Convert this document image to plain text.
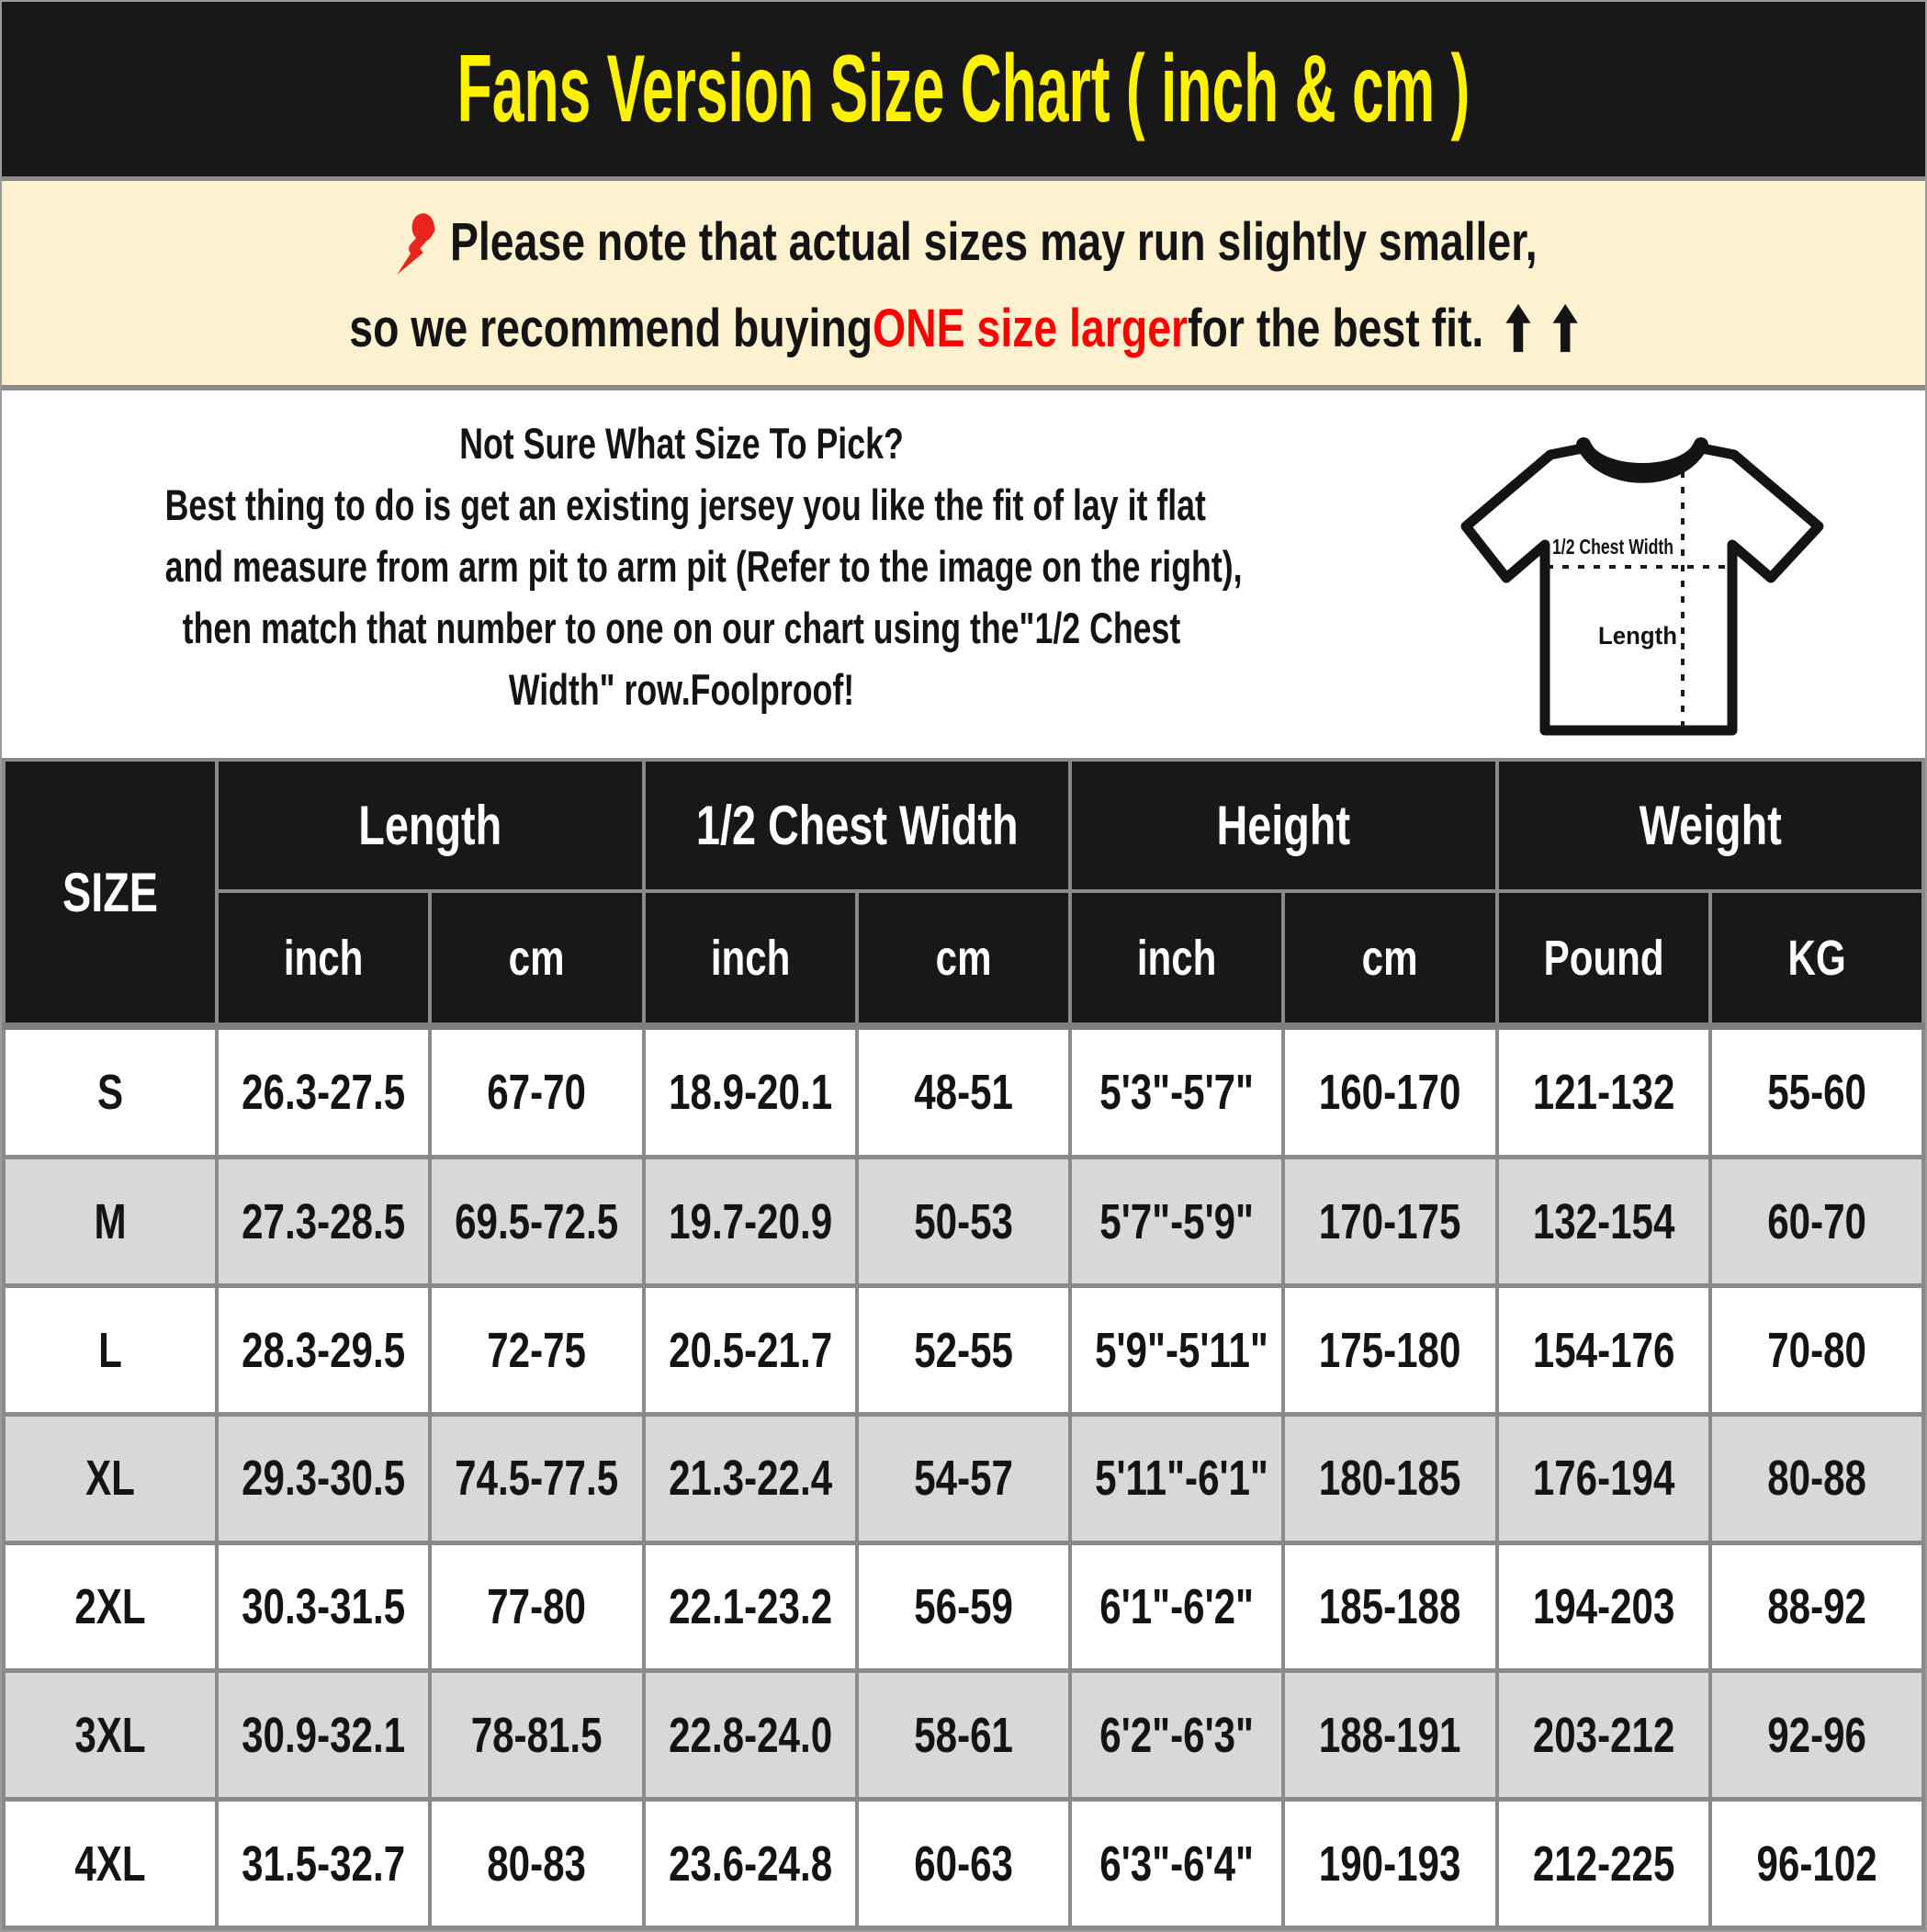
Fans Version Size Chart ( inch & cm )
Please note that actual sizes may run slightly smaller,
so we recommend buying ONE size larger for the best fit.
Not Sure What Size To Pick?
Best thing to do is get an existing jersey you like the fit of lay it flat
and measure from arm pit to arm pit (Refer to the image on the right),
then match that number to one on our chart using the"1/2 Chest
Width" row.Foolproof!
1/2 Chest Width
Length
SIZE	Length		1/2 Chest Width		Height		Weight	

	inch	cm	inch	cm	inch	cm	Pound	KG

S	26.3-27.5	67-70	18.9-20.1	48-51	5'3"-5'7"	160-170	121-132	55-60

M	27.3-28.5	69.5-72.5	19.7-20.9	50-53	5'7"-5'9"	170-175	132-154	60-70

L	28.3-29.5	72-75	20.5-21.7	52-55	5'9"-5'11"	175-180	154-176	70-80

XL	29.3-30.5	74.5-77.5	21.3-22.4	54-57	5'11"-6'1"	180-185	176-194	80-88

2XL	30.3-31.5	77-80	22.1-23.2	56-59	6'1"-6'2"	185-188	194-203	88-92

3XL	30.9-32.1	78-81.5	22.8-24.0	58-61	6'2"-6'3"	188-191	203-212	92-96

4XL	31.5-32.7	80-83	23.6-24.8	60-63	6'3"-6'4"	190-193	212-225	96-102
